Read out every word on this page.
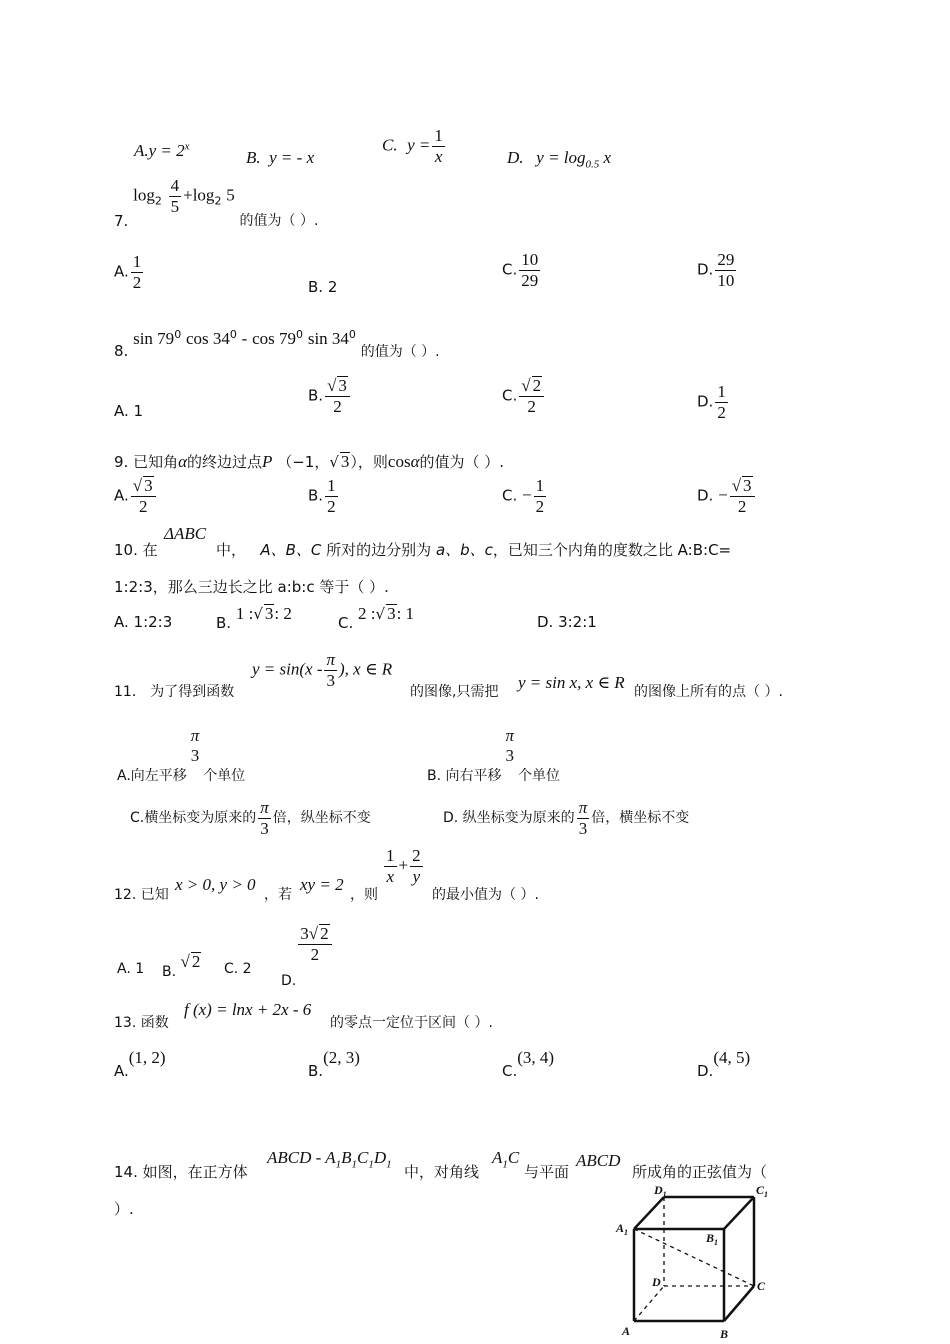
$A.y = 2^x$
B. y = - x
C. $y = \frac{1}{x}$	D. $y = \log_{0.5} x$
7. $\log_2 \frac{4}{5} +\log_2$ 5 的值为（ ）.
A. $\frac{1}{2}$	B. 2
C. $\frac{10}{29}$	D. $\frac{29}{10}$
8. $\sin 79^0$ $\cos 34^0$ - $\cos 79^0$ $\sin 34^0$ 的值为（ ）.
A. 1
B. $\frac{√ 3}{2}$	C. $\frac{√ 2}{2}$	D. $\frac{1}{2}$
9. 已知角α的终边过点P （−1，√ 3），则cosα的值为（ ）.
A. $\frac{√ 3}{2}$	B. $\frac{1}{2}$	C. − $\frac{1}{2}$	D. − $\frac{√ 3}{2}$
ΔABC
10. 在	中， A、B、C 所对的边分别为 a、b、c，已知三个内角的度数之比 A:B:C=
1:2:3，那么三边长之比 a:b:c 等于（ ）.
A. 1:2:3	B. 1 :√ 3: 2	C. 2 :√ 3: 1	D. 3:2:1
11． 为了得到函数
$y = \sin(x - \frac{\pi}{3}$ ), x ∈ R
的图像,只需把 y = sin x, x ∈ R 的图像上所有的点（ ）.
A.向左平移
π
3
个单位	B. 向右平移
π
3
个单位
C.横坐标变为原来的 $\frac{\pi}{3}$ 倍，纵坐标不变	D. 纵坐标变为原来的 $\frac{\pi}{3}$ 倍，横坐标不变
12. 已知
x > 0, y > 0
，若
xy = 2
，则
$\frac{1}{x} + \frac{2}{y}$
的最小值为（ ）.
A. 1 B. √ 2 C. 2
D.
$\frac{3√ 2}{2}$
13. 函数
f (x) = lnx + 2x - 6
的零点一定位于区间（ ）.
A.(1, 2)
B.(2, 3)
C.(3, 4)
D.(4, 5)
14. 如图，在正方体
ABCD - $A_1B_1C_1D_1$ 中，对角线
$A_1C$
与平面
ABCD
所成角的正弦值为（
）.
$D_1$	$C_1$
$A_1$	$B_1$
D	C
A	B
